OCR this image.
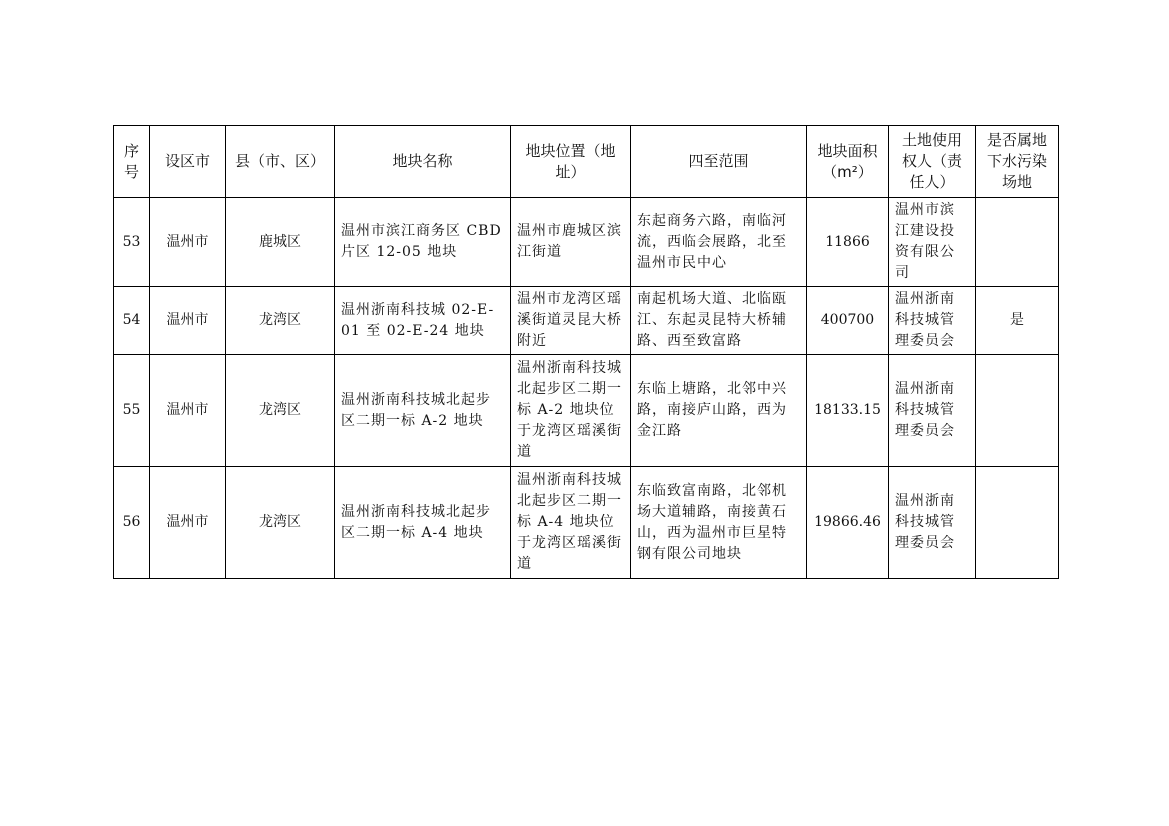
序号	设区市	县（市、区）	地块名称	地块位置（地址）	四至范围	地块面积（m²）	土地使用权人（责任人）	是否属地下水污染场地
53	温州市	鹿城区	温州市滨江商务区 CBD 片区 12-05 地块	温州市鹿城区滨江街道	东起商务六路，南临河流，西临会展路，北至温州市民中心	11866	温州市滨江建设投资有限公司	
54	温州市	龙湾区	温州浙南科技城 02-E-01 至 02-E-24 地块	温州市龙湾区瑶溪街道灵昆大桥附近	南起机场大道、北临瓯江、东起灵昆特大桥辅路、西至致富路	400700	温州浙南科技城管理委员会	是
55	温州市	龙湾区	温州浙南科技城北起步区二期一标 A-2 地块	温州浙南科技城北起步区二期一标 A-2 地块位于龙湾区瑶溪街道	东临上塘路，北邻中兴路，南接庐山路，西为金江路	18133.15	温州浙南科技城管理委员会	
56	温州市	龙湾区	温州浙南科技城北起步区二期一标 A-4 地块	温州浙南科技城北起步区二期一标 A-4 地块位于龙湾区瑶溪街道	东临致富南路，北邻机场大道辅路，南接黄石山，西为温州市巨星特钢有限公司地块	19866.46	温州浙南科技城管理委员会	
